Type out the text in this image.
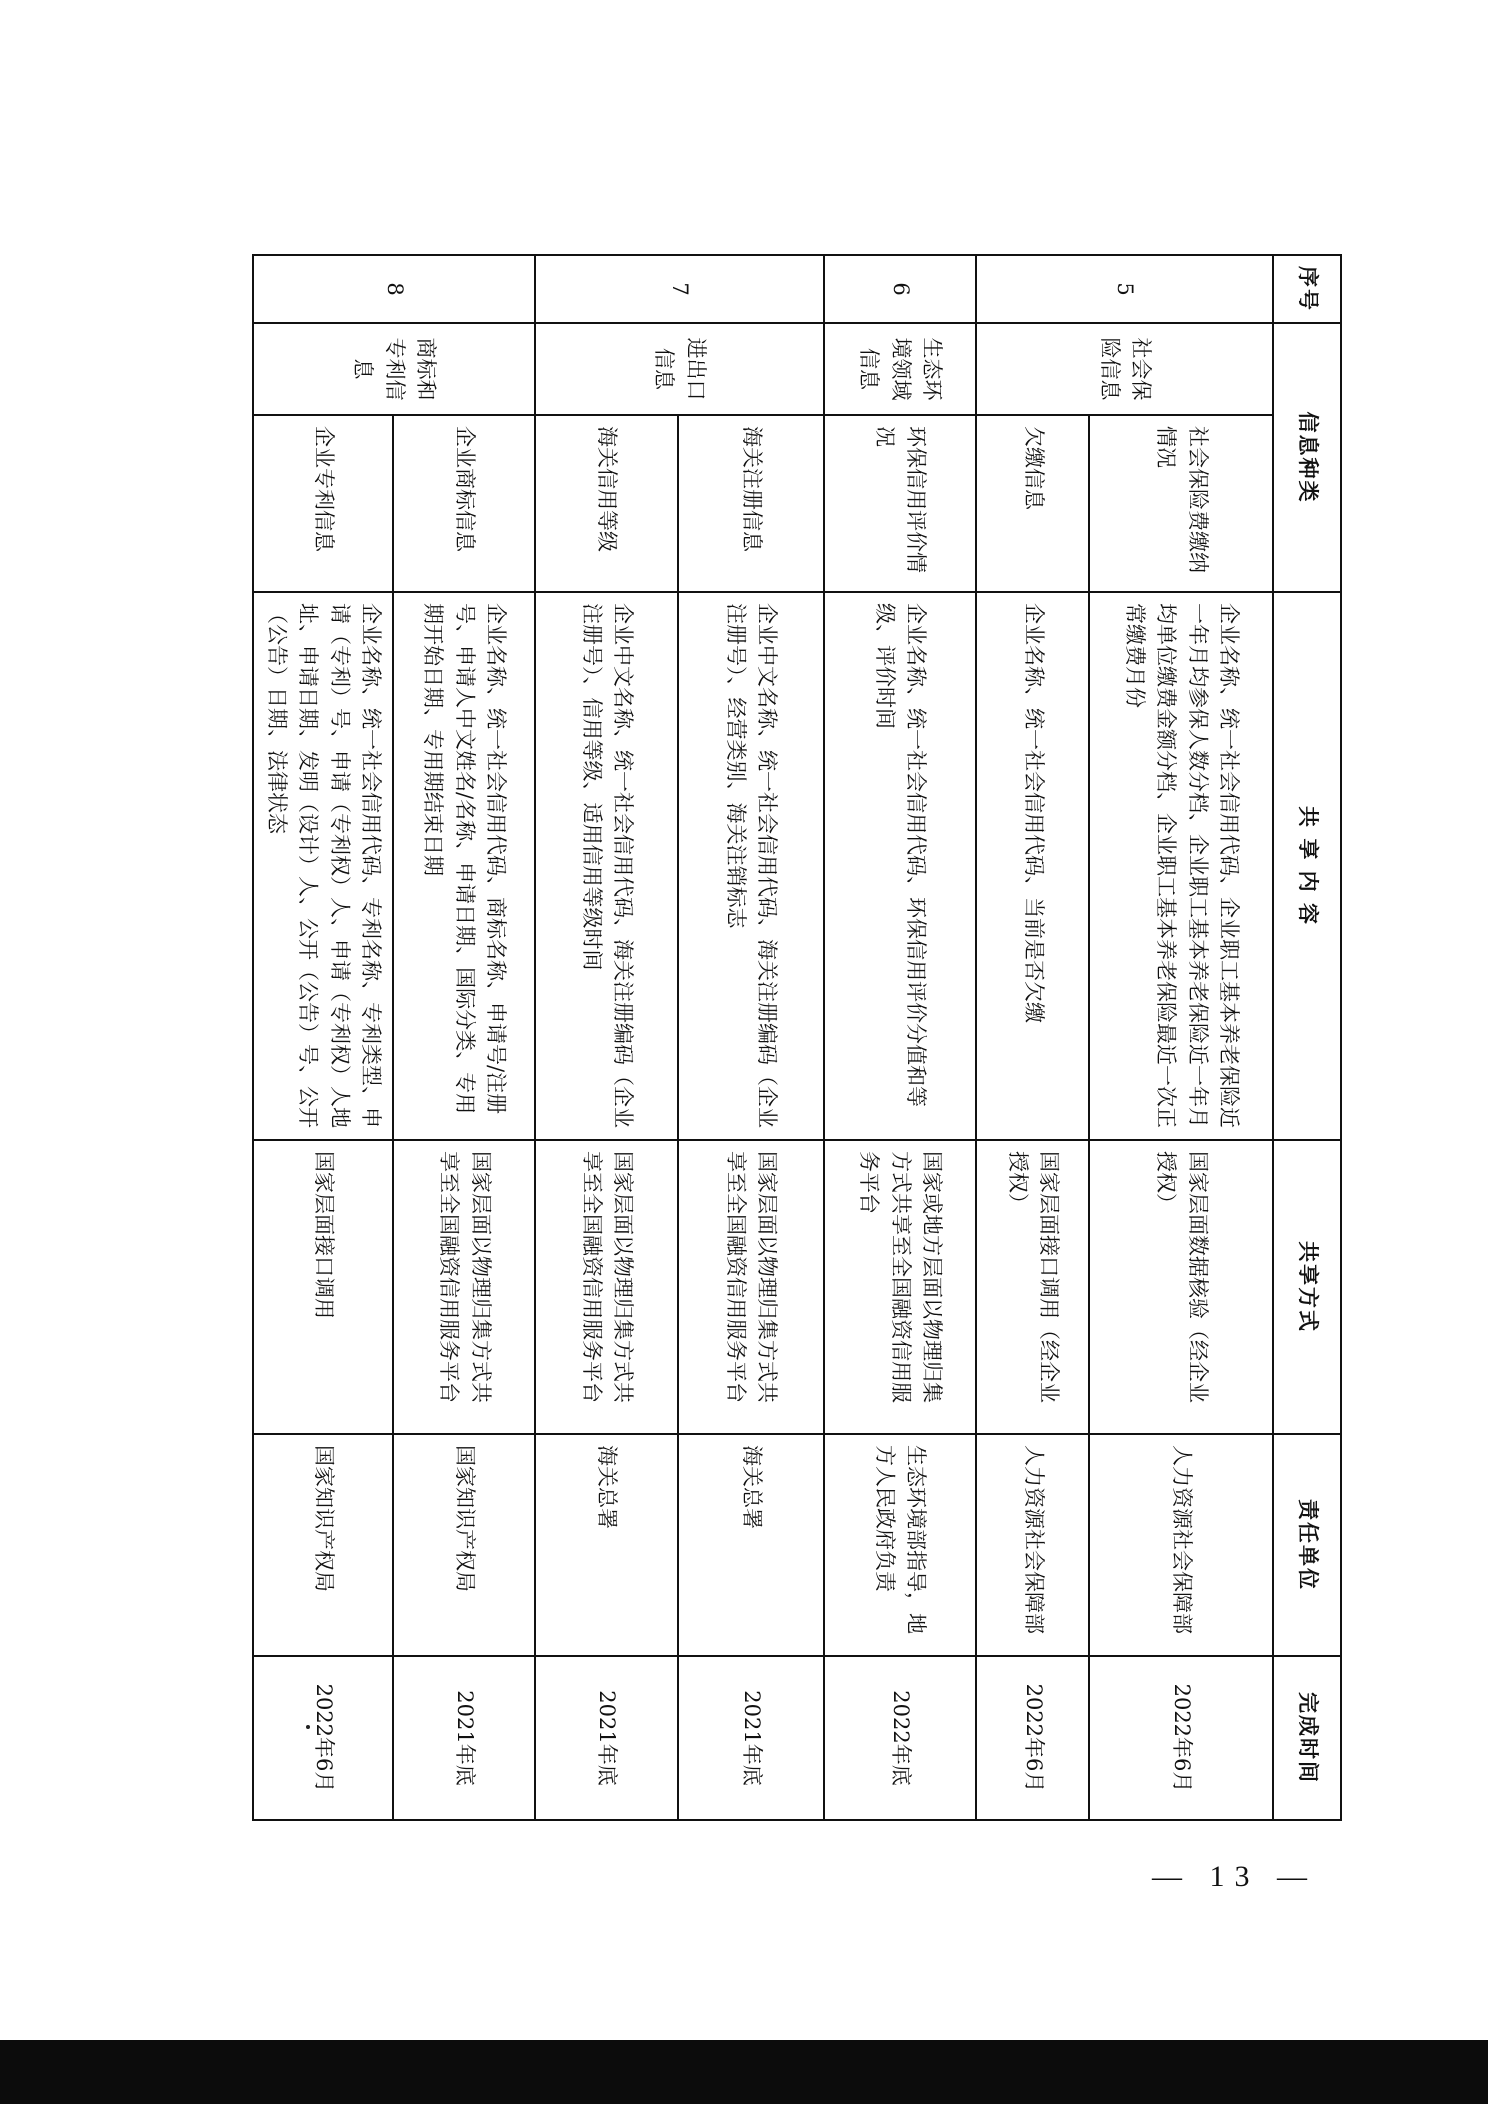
序号	信息种类		共 享 内 容	共享方式	责任单位	完成时间
5	社会保险信息	社会保险费缴纳情况	企业名称、统一社会信用代码、企业职工基本养老保险近一年月均参保人数分档、企业职工基本养老保险近一年月均单位缴费金额分档、企业职工基本养老保险最近一次正常缴费月份	国家层面数据核验（经企业授权）	人力资源社会保障部	2022年6月
		欠缴信息	企业名称、统一社会信用代码、当前是否欠缴	国家层面接口调用（经企业授权）	人力资源社会保障部	2022年6月
6	生态环境领域信息	环保信用评价情况	企业名称、统一社会信用代码、环保信用评价分值和等级、评价时间	国家或地方层面以物理归集方式共享至全国融资信用服务平台	生态环境部指导，地方人民政府负责	2022年底
7	进出口信息	海关注册信息	企业中文名称、统一社会信用代码、海关注册编码（企业注册号）、经营类别、海关注销标志	国家层面以物理归集方式共享至全国融资信用服务平台	海关总署	2021年底
		海关信用等级	企业中文名称、统一社会信用代码、海关注册编码（企业注册号）、信用等级、适用信用等级时间	国家层面以物理归集方式共享至全国融资信用服务平台	海关总署	2021年底
8	商标和专利信息	企业商标信息	企业名称、统一社会信用代码、商标名称、申请号/注册号、申请人中文姓名/名称、申请日期、国际分类、专用期开始日期、专用期结束日期	国家层面以物理归集方式共享至全国融资信用服务平台	国家知识产权局	2021年底
		企业专利信息	企业名称、统一社会信用代码、专利名称、专利类型、申请（专利）号、申请（专利权）人、申请（专利权）人地址、申请日期、发明（设计）人、公开（公告）号、公开（公告）日期、法律状态	国家层面接口调用	国家知识产权局	2022年6月
— 13 —
